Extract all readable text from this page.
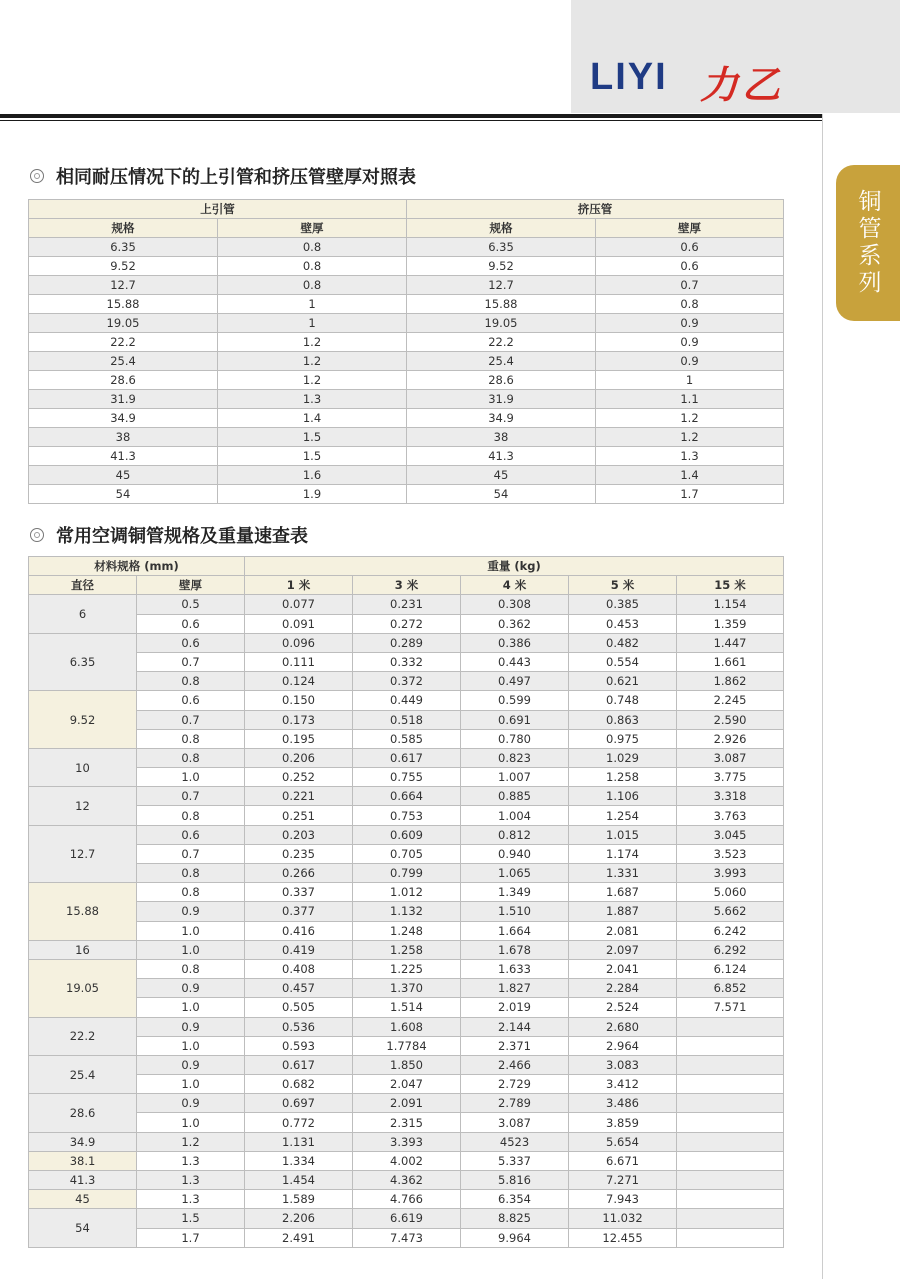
LIYI 力乙
铜管系列
相同耐压情况下的上引管和挤压管壁厚对照表
上引管		挤压管	
规格	壁厚	规格	壁厚
6.35	0.8	6.35	0.6
9.52	0.8	9.52	0.6
12.7	0.8	12.7	0.7
15.88	1	15.88	0.8
19.05	1	19.05	0.9
22.2	1.2	22.2	0.9
25.4	1.2	25.4	0.9
28.6	1.2	28.6	1
31.9	1.3	31.9	1.1
34.9	1.4	34.9	1.2
38	1.5	38	1.2
41.3	1.5	41.3	1.3
45	1.6	45	1.4
54	1.9	54	1.7
常用空调铜管规格及重量速查表
材料规格 (mm)		重量 (kg)				
直径	壁厚	1 米	3 米	4 米	5 米	15 米
6	0.5	0.077	0.231	0.308	0.385	1.154
	0.6	0.091	0.272	0.362	0.453	1.359
6.35	0.6	0.096	0.289	0.386	0.482	1.447
	0.7	0.111	0.332	0.443	0.554	1.661
	0.8	0.124	0.372	0.497	0.621	1.862
9.52	0.6	0.150	0.449	0.599	0.748	2.245
	0.7	0.173	0.518	0.691	0.863	2.590
	0.8	0.195	0.585	0.780	0.975	2.926
10	0.8	0.206	0.617	0.823	1.029	3.087
	1.0	0.252	0.755	1.007	1.258	3.775
12	0.7	0.221	0.664	0.885	1.106	3.318
	0.8	0.251	0.753	1.004	1.254	3.763
12.7	0.6	0.203	0.609	0.812	1.015	3.045
	0.7	0.235	0.705	0.940	1.174	3.523
	0.8	0.266	0.799	1.065	1.331	3.993
15.88	0.8	0.337	1.012	1.349	1.687	5.060
	0.9	0.377	1.132	1.510	1.887	5.662
	1.0	0.416	1.248	1.664	2.081	6.242
16	1.0	0.419	1.258	1.678	2.097	6.292
19.05	0.8	0.408	1.225	1.633	2.041	6.124
	0.9	0.457	1.370	1.827	2.284	6.852
	1.0	0.505	1.514	2.019	2.524	7.571
22.2	0.9	0.536	1.608	2.144	2.680	
	1.0	0.593	1.7784	2.371	2.964	
25.4	0.9	0.617	1.850	2.466	3.083	
	1.0	0.682	2.047	2.729	3.412	
28.6	0.9	0.697	2.091	2.789	3.486	
	1.0	0.772	2.315	3.087	3.859	
34.9	1.2	1.131	3.393	4523	5.654	
38.1	1.3	1.334	4.002	5.337	6.671	
41.3	1.3	1.454	4.362	5.816	7.271	
45	1.3	1.589	4.766	6.354	7.943	
54	1.5	2.206	6.619	8.825	11.032	
	1.7	2.491	7.473	9.964	12.455	
